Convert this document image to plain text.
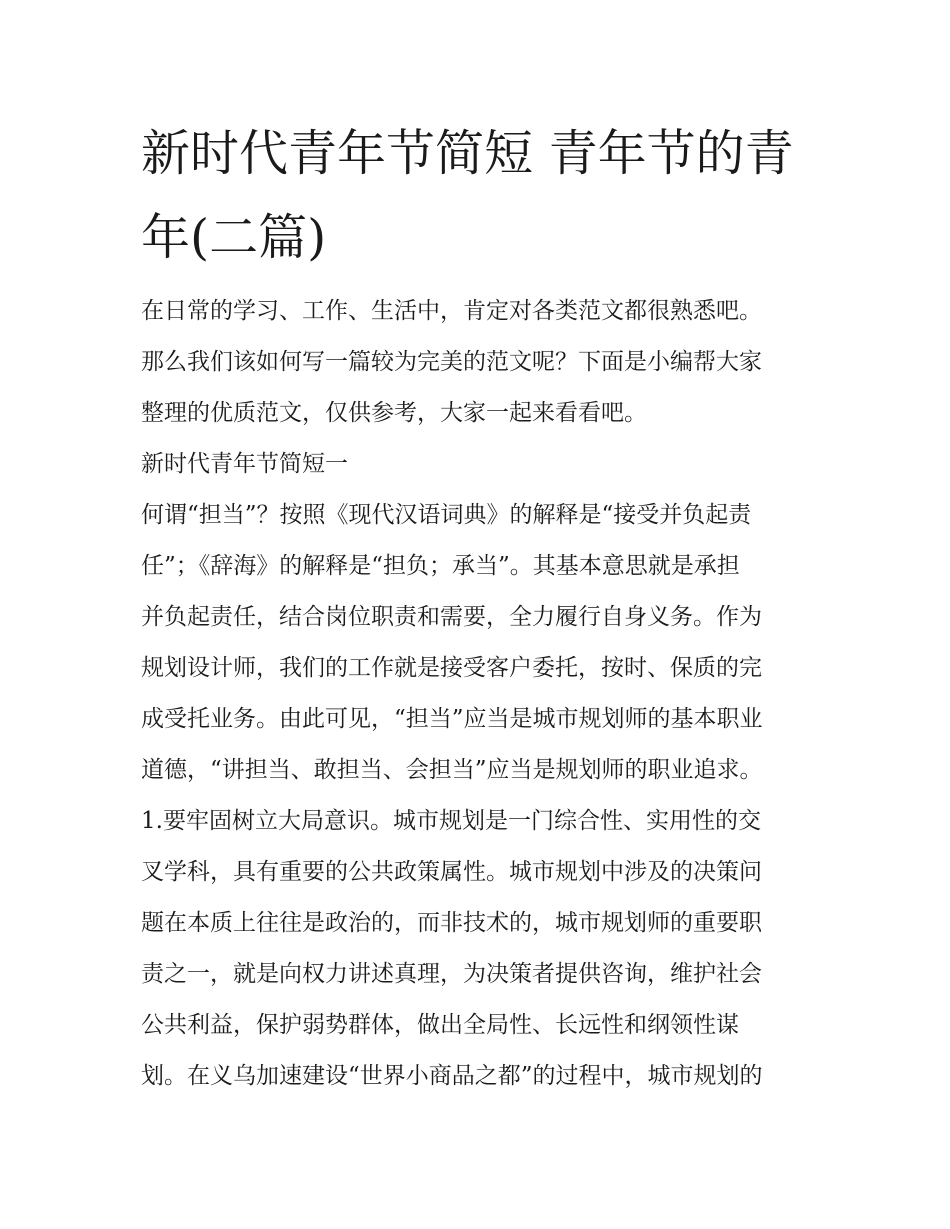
新时代青年节简短 青年节的青
年(二篇)
在日常的学习、工作、生活中，肯定对各类范文都很熟悉吧。
那么我们该如何写一篇较为完美的范文呢？下面是小编帮大家
整理的优质范文，仅供参考，大家一起来看看吧。
新时代青年节简短一
何谓“担当”？按照《现代汉语词典》的解释是“接受并负起责
任”；《辞海》的解释是“担负；承当”。其基本意思就是承担
并负起责任，结合岗位职责和需要，全力履行自身义务。作为
规划设计师，我们的工作就是接受客户委托，按时、保质的完
成受托业务。由此可见，“担当”应当是城市规划师的基本职业
道德，“讲担当、敢担当、会担当”应当是规划师的职业追求。
1.要牢固树立大局意识。城市规划是一门综合性、实用性的交
叉学科，具有重要的公共政策属性。城市规划中涉及的决策问
题在本质上往往是政治的，而非技术的，城市规划师的重要职
责之一，就是向权力讲述真理，为决策者提供咨询，维护社会
公共利益，保护弱势群体，做出全局性、长远性和纲领性谋
划。在义乌加速建设“世界小商品之都”的过程中，城市规划的
